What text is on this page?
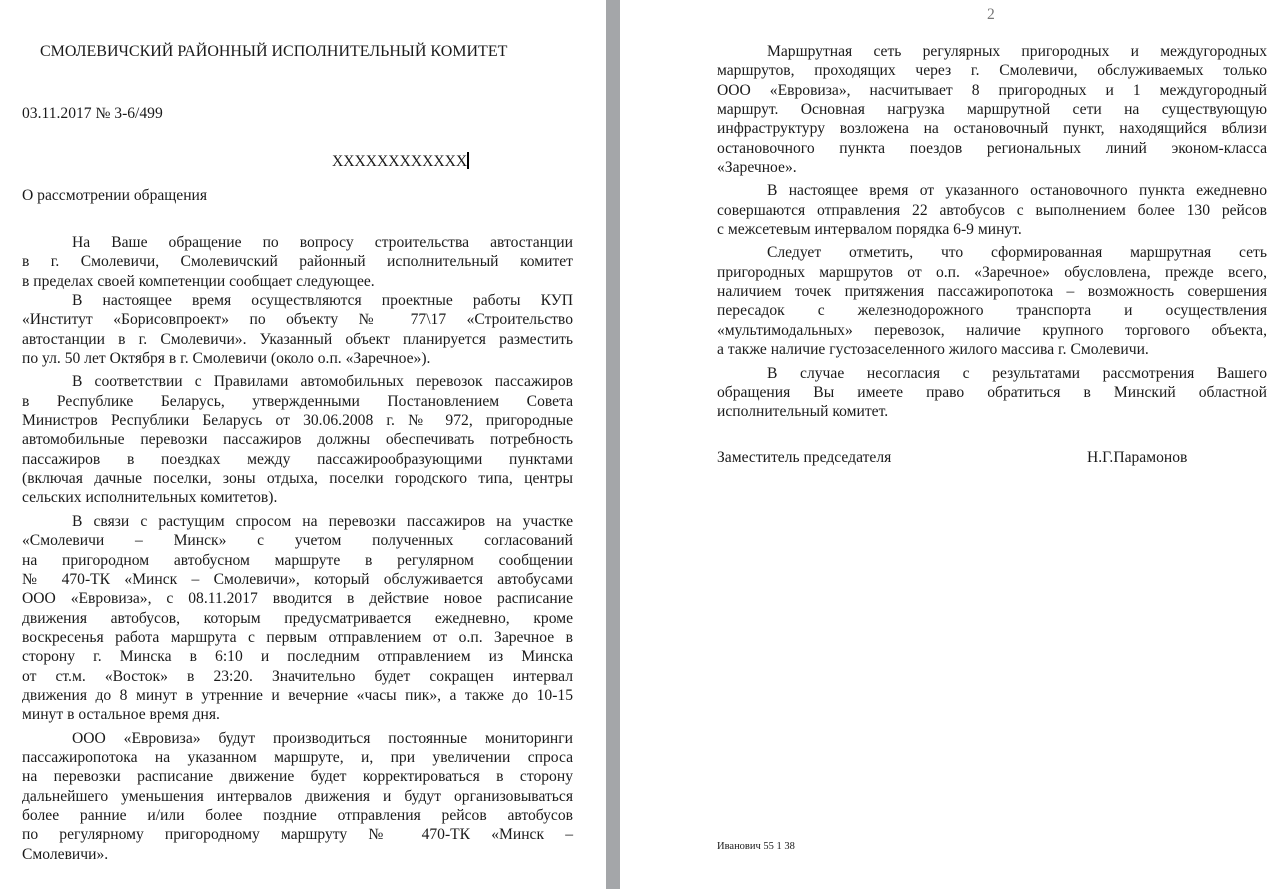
СМОЛЕВИЧСКИЙ РАЙОННЫЙ ИСПОЛНИТЕЛЬНЫЙ КОМИТЕТ
03.11.2017 № 3-6/499
XXXXXXXXXXXX
О рассмотрении обращения
На Ваше обращение по вопросу строительства автостанции
в г. Смолевичи, Смолевичский районный исполнительный комитет
в пределах своей компетенции сообщает следующее.
В настоящее время осуществляются проектные работы КУП
«Институт «Борисовпроект» по объекту № 77\17 «Строительство
автостанции в г. Смолевичи». Указанный объект планируется разместить
по ул. 50 лет Октября в г. Смолевичи (около о.п. «Заречное»).
В соответствии с Правилами автомобильных перевозок пассажиров
в Республике Беларусь, утвержденными Постановлением Совета
Министров Республики Беларусь от 30.06.2008 г. № 972, пригородные
автомобильные перевозки пассажиров должны обеспечивать потребность
пассажиров в поездках между пассажирообразующими пунктами
(включая дачные поселки, зоны отдыха, поселки городского типа, центры
сельских исполнительных комитетов).
В связи с растущим спросом на перевозки пассажиров на участке
«Смолевичи – Минск» с учетом полученных согласований
на пригородном автобусном маршруте в регулярном сообщении
№ 470-ТК «Минск – Смолевичи», который обслуживается автобусами
ООО «Евровиза», с 08.11.2017 вводится в действие новое расписание
движения автобусов, которым предусматривается ежедневно, кроме
воскресенья работа маршрута с первым отправлением от о.п. Заречное в
сторону г. Минска в 6:10 и последним отправлением из Минска
от ст.м. «Восток» в 23:20. Значительно будет сокращен интервал
движения до 8 минут в утренние и вечерние «часы пик», а также до 10-15
минут в остальное время дня.
ООО «Евровиза» будут производиться постоянные мониторинги
пассажиропотока на указанном маршруте, и, при увеличении спроса
на перевозки расписание движение будет корректироваться в сторону
дальнейшего уменьшения интервалов движения и будут организовываться
более ранние и/или более поздние отправления рейсов автобусов
по регулярному пригородному маршруту № 470-ТК «Минск –
Смолевичи».
2
Маршрутная сеть регулярных пригородных и междугородных
маршрутов, проходящих через г. Смолевичи, обслуживаемых только
ООО «Евровиза», насчитывает 8 пригородных и 1 междугородный
маршрут. Основная нагрузка маршрутной сети на существующую
инфраструктуру возложена на остановочный пункт, находящийся вблизи
остановочного пункта поездов региональных линий эконом-класса
«Заречное».
В настоящее время от указанного остановочного пункта ежедневно
совершаются отправления 22 автобусов с выполнением более 130 рейсов
с межсетевым интервалом порядка 6-9 минут.
Следует отметить, что сформированная маршрутная сеть
пригородных маршрутов от о.п. «Заречное» обусловлена, прежде всего,
наличием точек притяжения пассажиропотока – возможность совершения
пересадок с железнодорожного транспорта и осуществления
«мультимодальных» перевозок, наличие крупного торгового объекта,
а также наличие густозаселенного жилого массива г. Смолевичи.
В случае несогласия с результатами рассмотрения Вашего
обращения Вы имеете право обратиться в Минский областной
исполнительный комитет.
Заместитель председателя	Н.Г.Парамонов
Иванович 55 1 38
